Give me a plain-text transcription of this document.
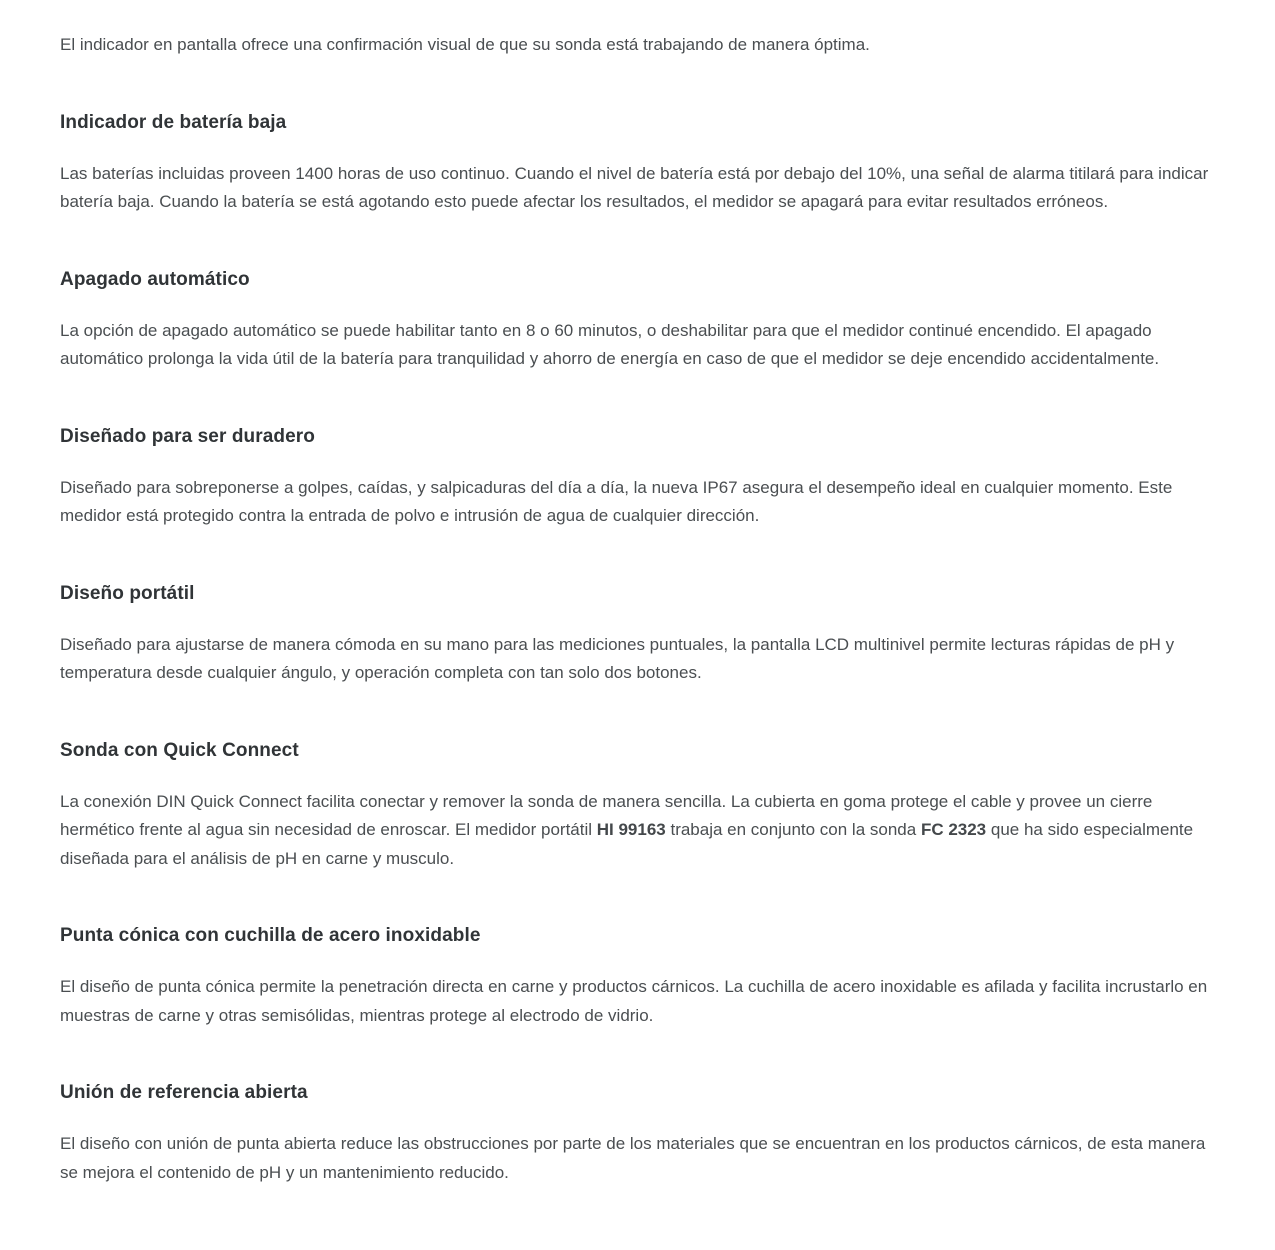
El indicador en pantalla ofrece una confirmación visual de que su sonda está trabajando de manera óptima.

Indicador de batería baja

Las baterías incluidas proveen 1400 horas de uso continuo. Cuando el nivel de batería está por debajo del 10%, una señal de alarma titilará para indicar batería baja. Cuando la batería se está agotando esto puede afectar los resultados, el medidor se apagará para evitar resultados erróneos.

Apagado automático

La opción de apagado automático se puede habilitar tanto en 8 o 60 minutos, o deshabilitar para que el medidor continué encendido. El apagado automático prolonga la vida útil de la batería para tranquilidad y ahorro de energía en caso de que el medidor se deje encendido accidentalmente.

Diseñado para ser duradero

Diseñado para sobreponerse a golpes, caídas, y salpicaduras del día a día, la nueva IP67 asegura el desempeño ideal en cualquier momento. Este medidor está protegido contra la entrada de polvo e intrusión de agua de cualquier dirección.

Diseño portátil

Diseñado para ajustarse de manera cómoda en su mano para las mediciones puntuales, la pantalla LCD multinivel permite lecturas rápidas de pH y temperatura desde cualquier ángulo, y operación completa con tan solo dos botones.

Sonda con Quick Connect

La conexión DIN Quick Connect facilita conectar y remover la sonda de manera sencilla. La cubierta en goma protege el cable y provee un cierre hermético frente al agua sin necesidad de enroscar. El medidor portátil HI 99163 trabaja en conjunto con la sonda FC 2323 que ha sido especialmente diseñada para el análisis de pH en carne y musculo.

Punta cónica con cuchilla de acero inoxidable

El diseño de punta cónica permite la penetración directa en carne y productos cárnicos. La cuchilla de acero inoxidable es afilada y facilita incrustarlo en muestras de carne y otras semisólidas, mientras protege al electrodo de vidrio.

Unión de referencia abierta

El diseño con unión de punta abierta reduce las obstrucciones por parte de los materiales que se encuentran en los productos cárnicos, de esta manera se mejora el contenido de pH y un mantenimiento reducido.
